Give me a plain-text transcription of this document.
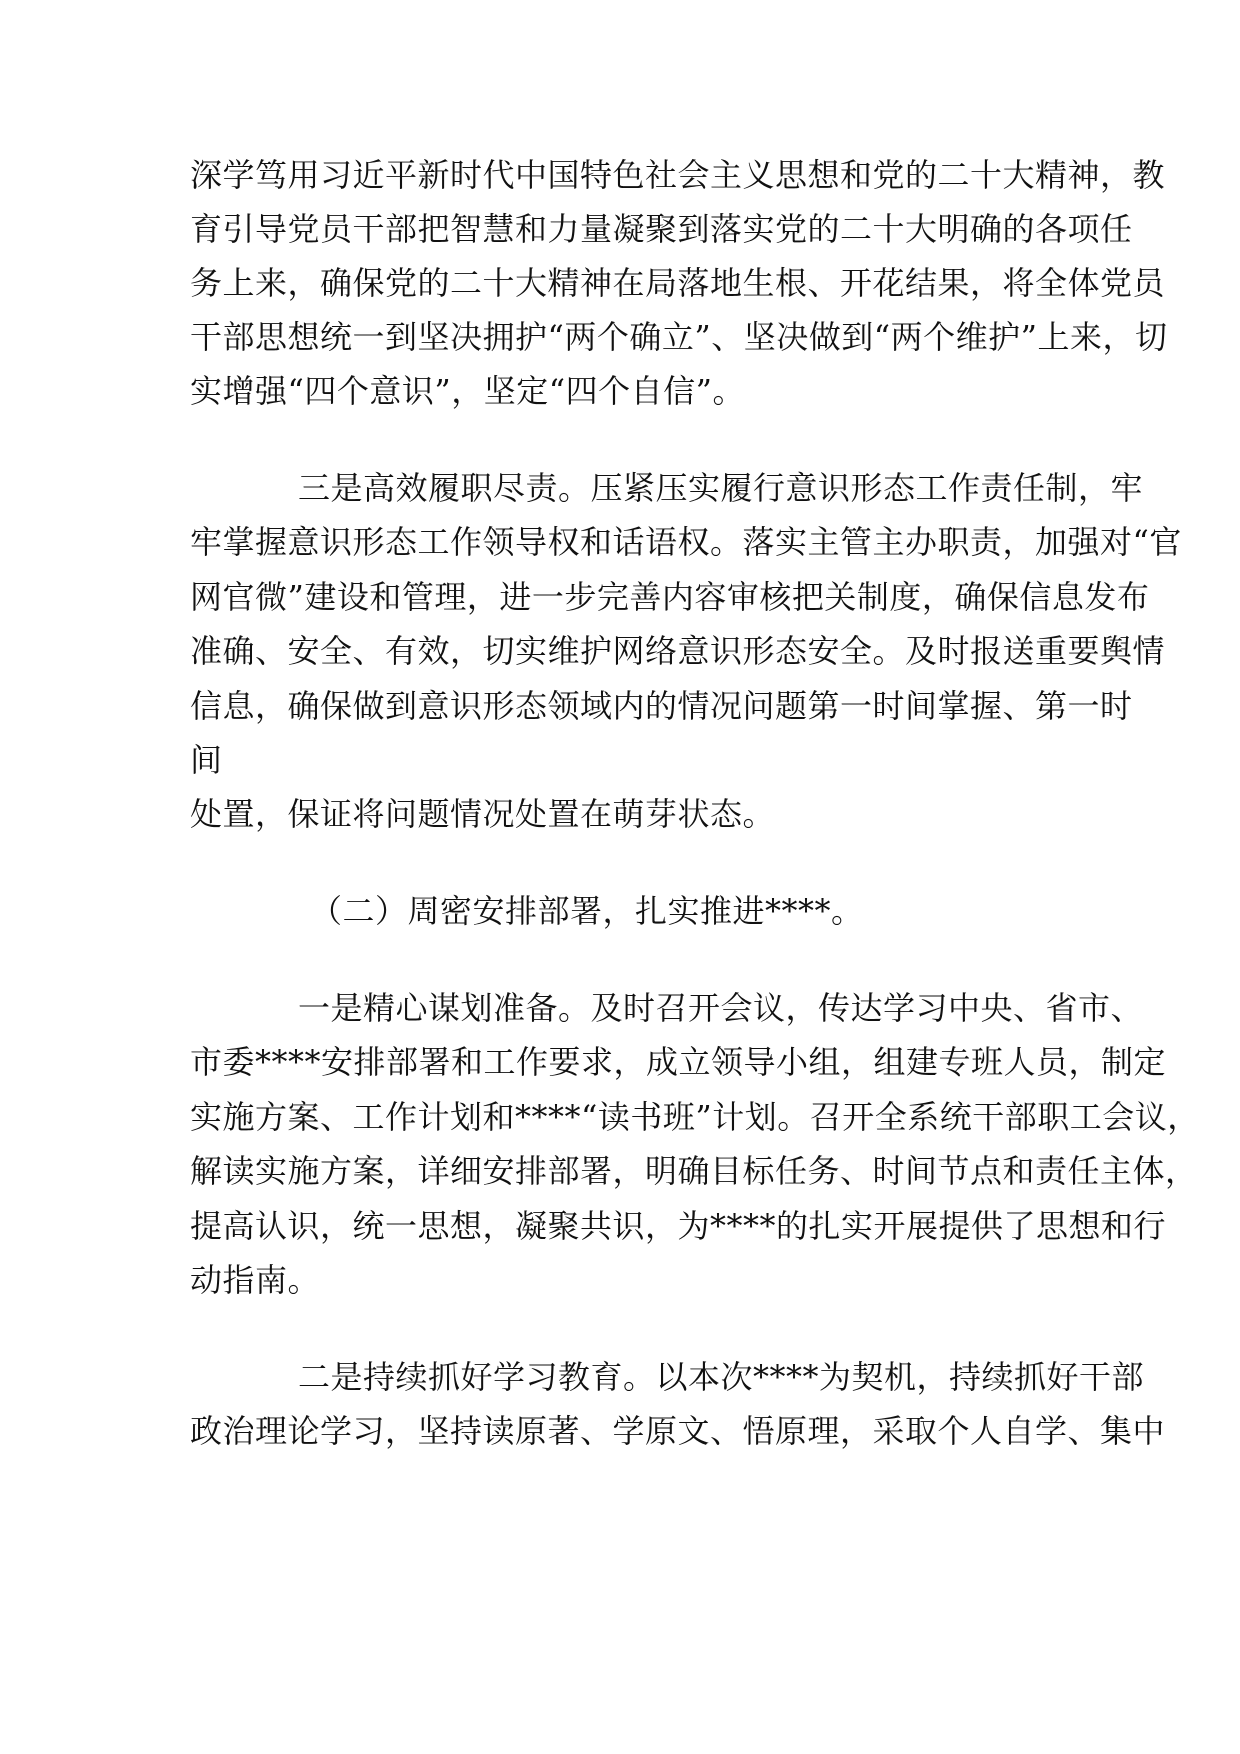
深学笃用习近平新时代中国特色社会主义思想和党的二十大精神，教
育引导党员干部把智慧和力量凝聚到落实党的二十大明确的各项任
务上来，确保党的二十大精神在局落地生根、开花结果，将全体党员
干部思想统一到坚决拥护“两个确立”、坚决做到“两个维护”上来，切
实增强“四个意识”，坚定“四个自信”。
三是高效履职尽责。压紧压实履行意识形态工作责任制，牢
牢掌握意识形态工作领导权和话语权。落实主管主办职责，加强对“官
网官微”建设和管理，进一步完善内容审核把关制度，确保信息发布
准确、安全、有效，切实维护网络意识形态安全。及时报送重要舆情
信息，确保做到意识形态领域内的情况问题第一时间掌握、第一时
间
处置，保证将问题情况处置在萌芽状态。
（二）周密安排部署，扎实推进****。
一是精心谋划准备。及时召开会议，传达学习中央、省市、
市委****安排部署和工作要求，成立领导小组，组建专班人员，制定
实施方案、工作计划和****“读书班”计划。召开全系统干部职工会议，
解读实施方案，详细安排部署，明确目标任务、时间节点和责任主体，
提高认识，统一思想，凝聚共识，为****的扎实开展提供了思想和行
动指南。
二是持续抓好学习教育。以本次****为契机，持续抓好干部
政治理论学习，坚持读原著、学原文、悟原理，采取个人自学、集中
